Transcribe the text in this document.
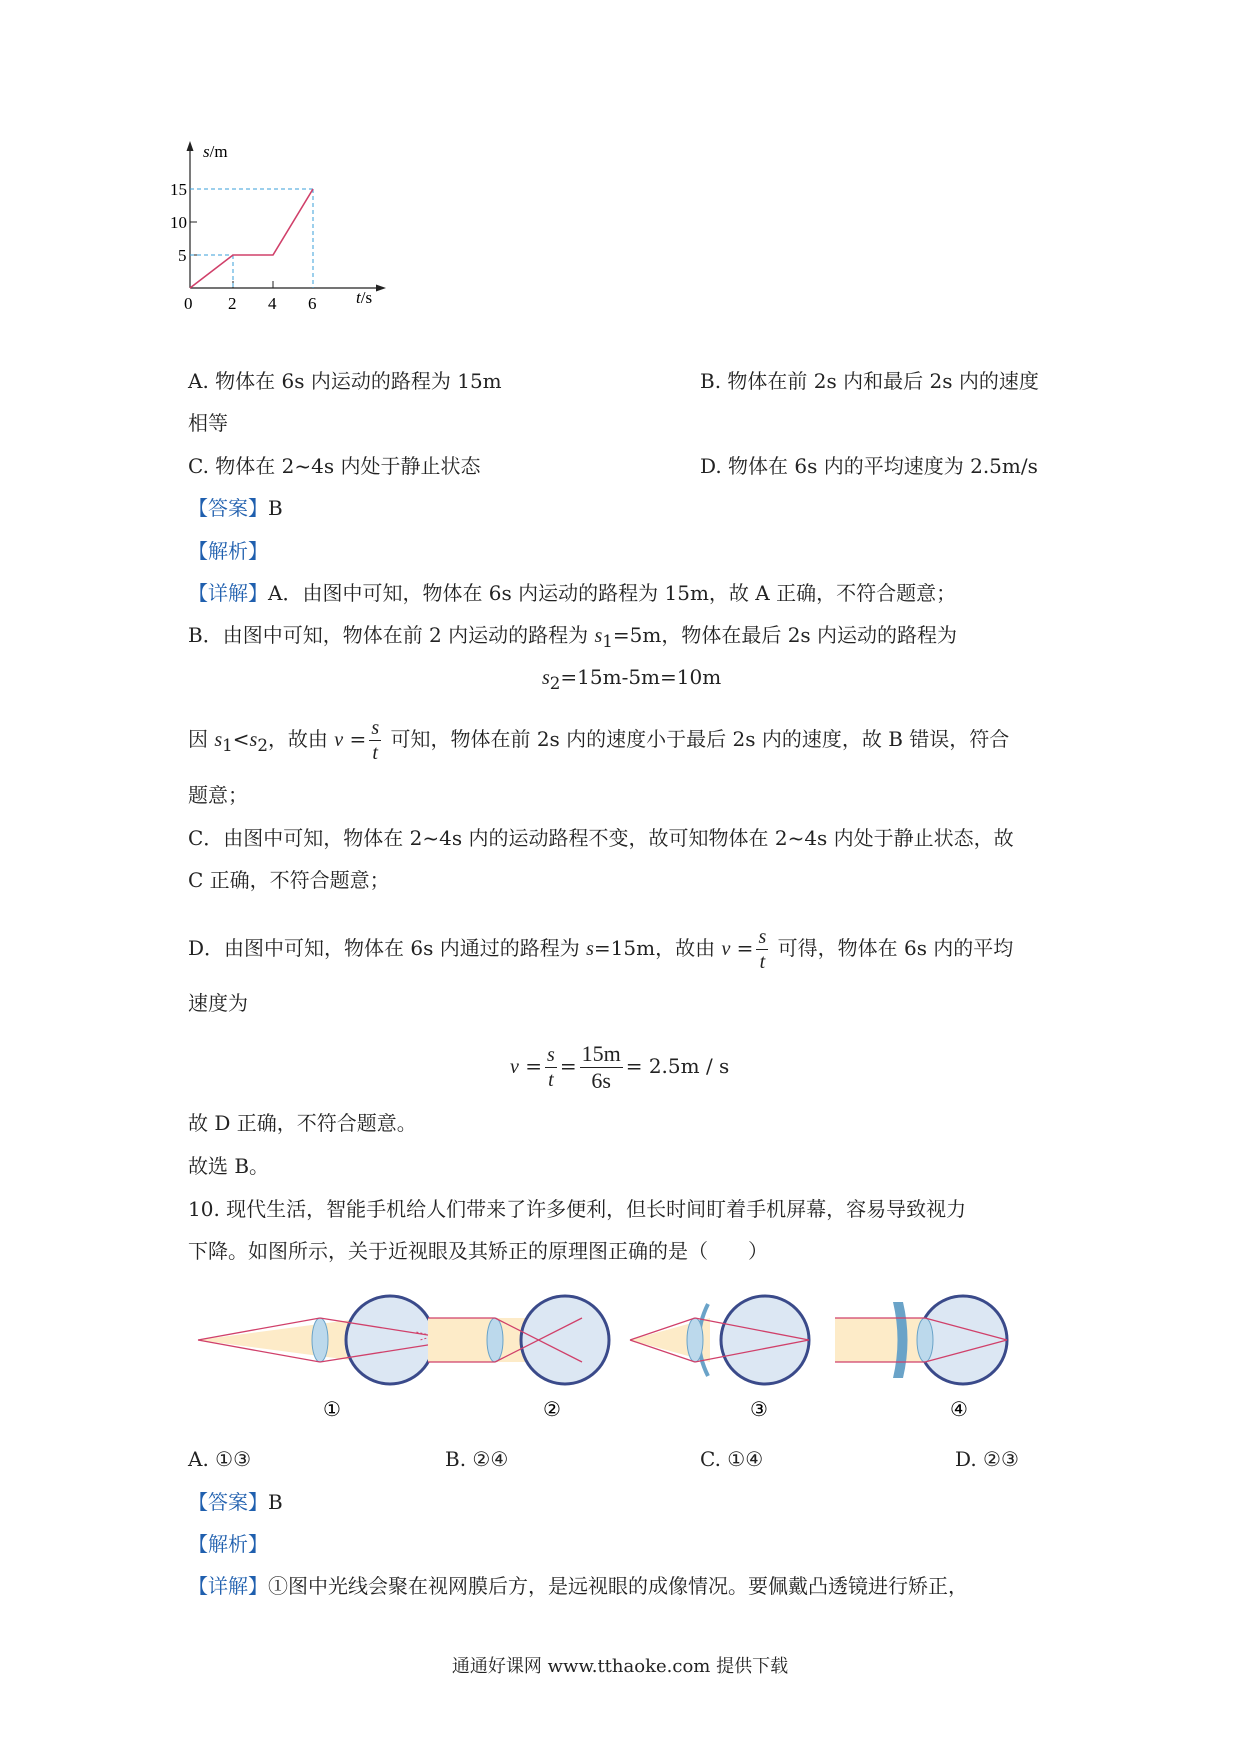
s/m
t/s
15
10
5
0 2 4 6
A. 物体在 6s 内运动的路程为 15m	B. 物体在前 2s 内和最后 2s 内的速度
相等
C. 物体在 2~4s 内处于静止状态	D. 物体在 6s 内的平均速度为 2.5m/s
【答案】B
【解析】
【详解】A．由图中可知，物体在 6s 内运动的路程为 15m，故 A 正确，不符合题意；
B．由图中可知，物体在前 2 内运动的路程为 $s_1=5m$，物体在最后 2s 内运动的路程为
$s_2=15m-5m=10m$
因 $s_1<s_2$，故由 $v = \frac{s}{t}$ 可知，物体在前 2s 内的速度小于最后 2s 内的速度，故 B 错误，符合
题意；
C．由图中可知，物体在 2~4s 内的运动路程不变，故可知物体在 2~4s 内处于静止状态，故
C 正确，不符合题意；
D．由图中可知，物体在 6s 内通过的路程为 s=15m，故由 $v = \frac{s}{t}$ 可得，物体在 6s 内的平均
速度为
$v = \frac{s}{t} = \frac{15m}{6s} = 2.5m / s$
故 D 正确，不符合题意。
故选 B。
10. 现代生活，智能手机给人们带来了许多便利，但长时间盯着手机屏幕，容易导致视力
下降。如图所示，关于近视眼及其矫正的原理图正确的是（　　）
①	②	③	④
A. ①③	B. ②④	C. ①④	D. ②③
【答案】B
【解析】
【详解】①图中光线会聚在视网膜后方，是远视眼的成像情况。要佩戴凸透镜进行矫正，
通通好课网 www.tthaoke.com 提供下载
